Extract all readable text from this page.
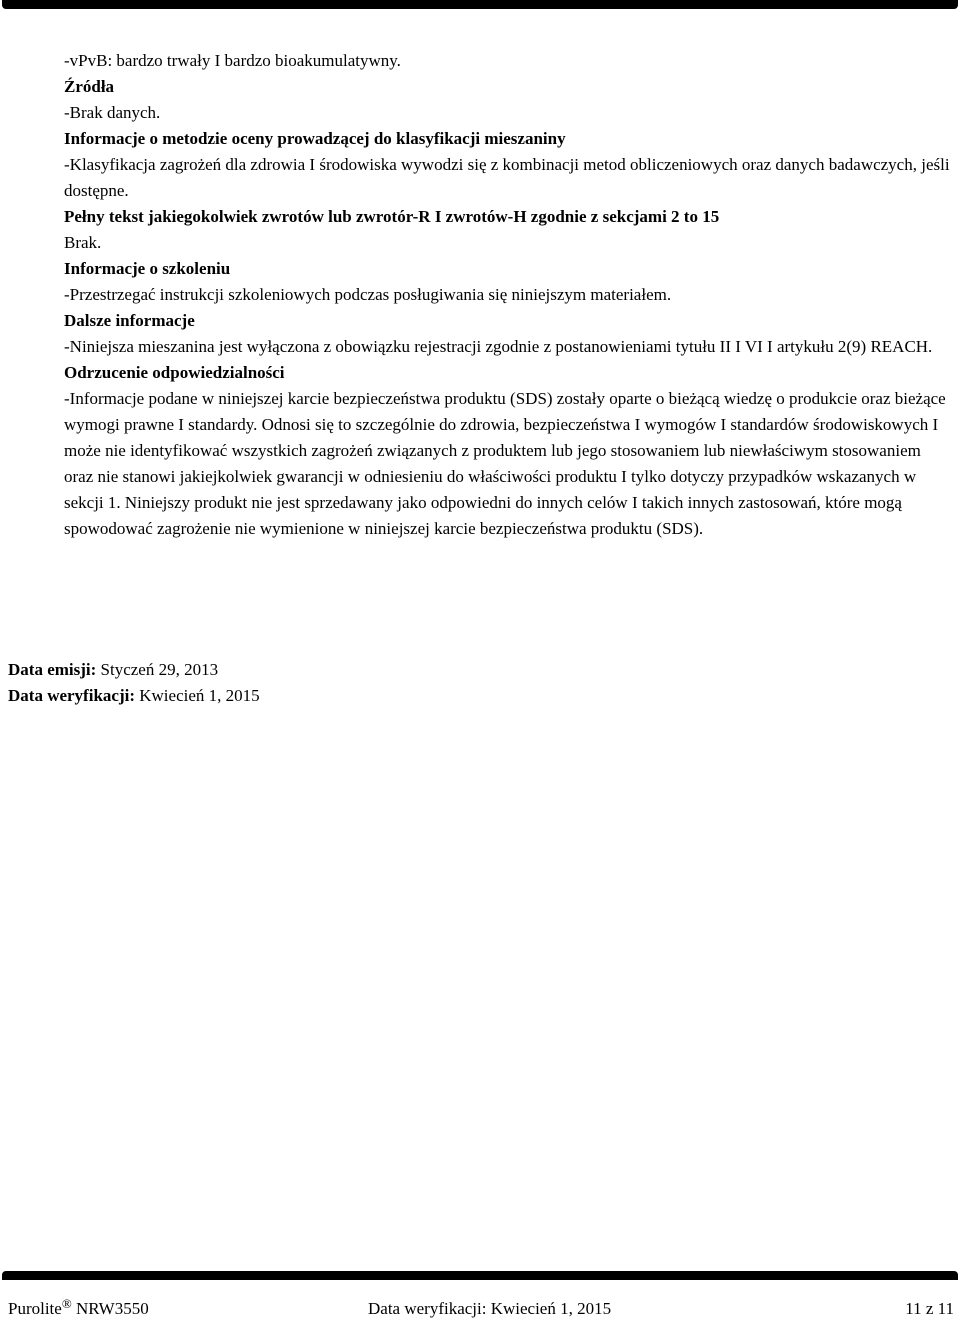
-vPvB: bardzo trwały I bardzo bioakumulatywny.

Źródła

-Brak danych.

Informacje o metodzie oceny prowadzącej do klasyfikacji mieszaniny

-Klasyfikacja zagrożeń dla zdrowia I środowiska wywodzi się z kombinacji metod obliczeniowych oraz danych badawczych, jeśli dostępne.

Pełny tekst jakiegokolwiek zwrotów lub zwrotór-R I zwrotów-H zgodnie z sekcjami 2 to 15

Brak.

Informacje o szkoleniu

-Przestrzegać instrukcji szkoleniowych podczas posługiwania się niniejszym materiałem.

Dalsze informacje

-Niniejsza mieszanina jest wyłączona z obowiązku rejestracji zgodnie z postanowieniami tytułu II I VI I artykułu 2(9) REACH.

Odrzucenie odpowiedzialności

-Informacje podane w niniejszej karcie bezpieczeństwa produktu (SDS) zostały oparte o bieżącą wiedzę o produkcie oraz bieżące wymogi prawne I standardy. Odnosi się to szczególnie do zdrowia, bezpieczeństwa I wymogów I standardów środowiskowych I może nie identyfikować wszystkich zagrożeń związanych z produktem lub jego stosowaniem lub niewłaściwym stosowaniem oraz nie stanowi jakiejkolwiek gwarancji w odniesieniu do właściwości produktu I tylko dotyczy przypadków wskazanych w sekcji 1. Niniejszy produkt nie jest sprzedawany jako odpowiedni do innych celów I takich innych zastosowań, które mogą spowodować zagrożenie nie wymienione w niniejszej karcie bezpieczeństwa produktu (SDS).

Data emisji: Styczeń 29, 2013

Data weryfikacji: Kwiecień 1, 2015

Purolite® NRW3550	Data weryfikacji: Kwiecień 1, 2015	11 z 11
